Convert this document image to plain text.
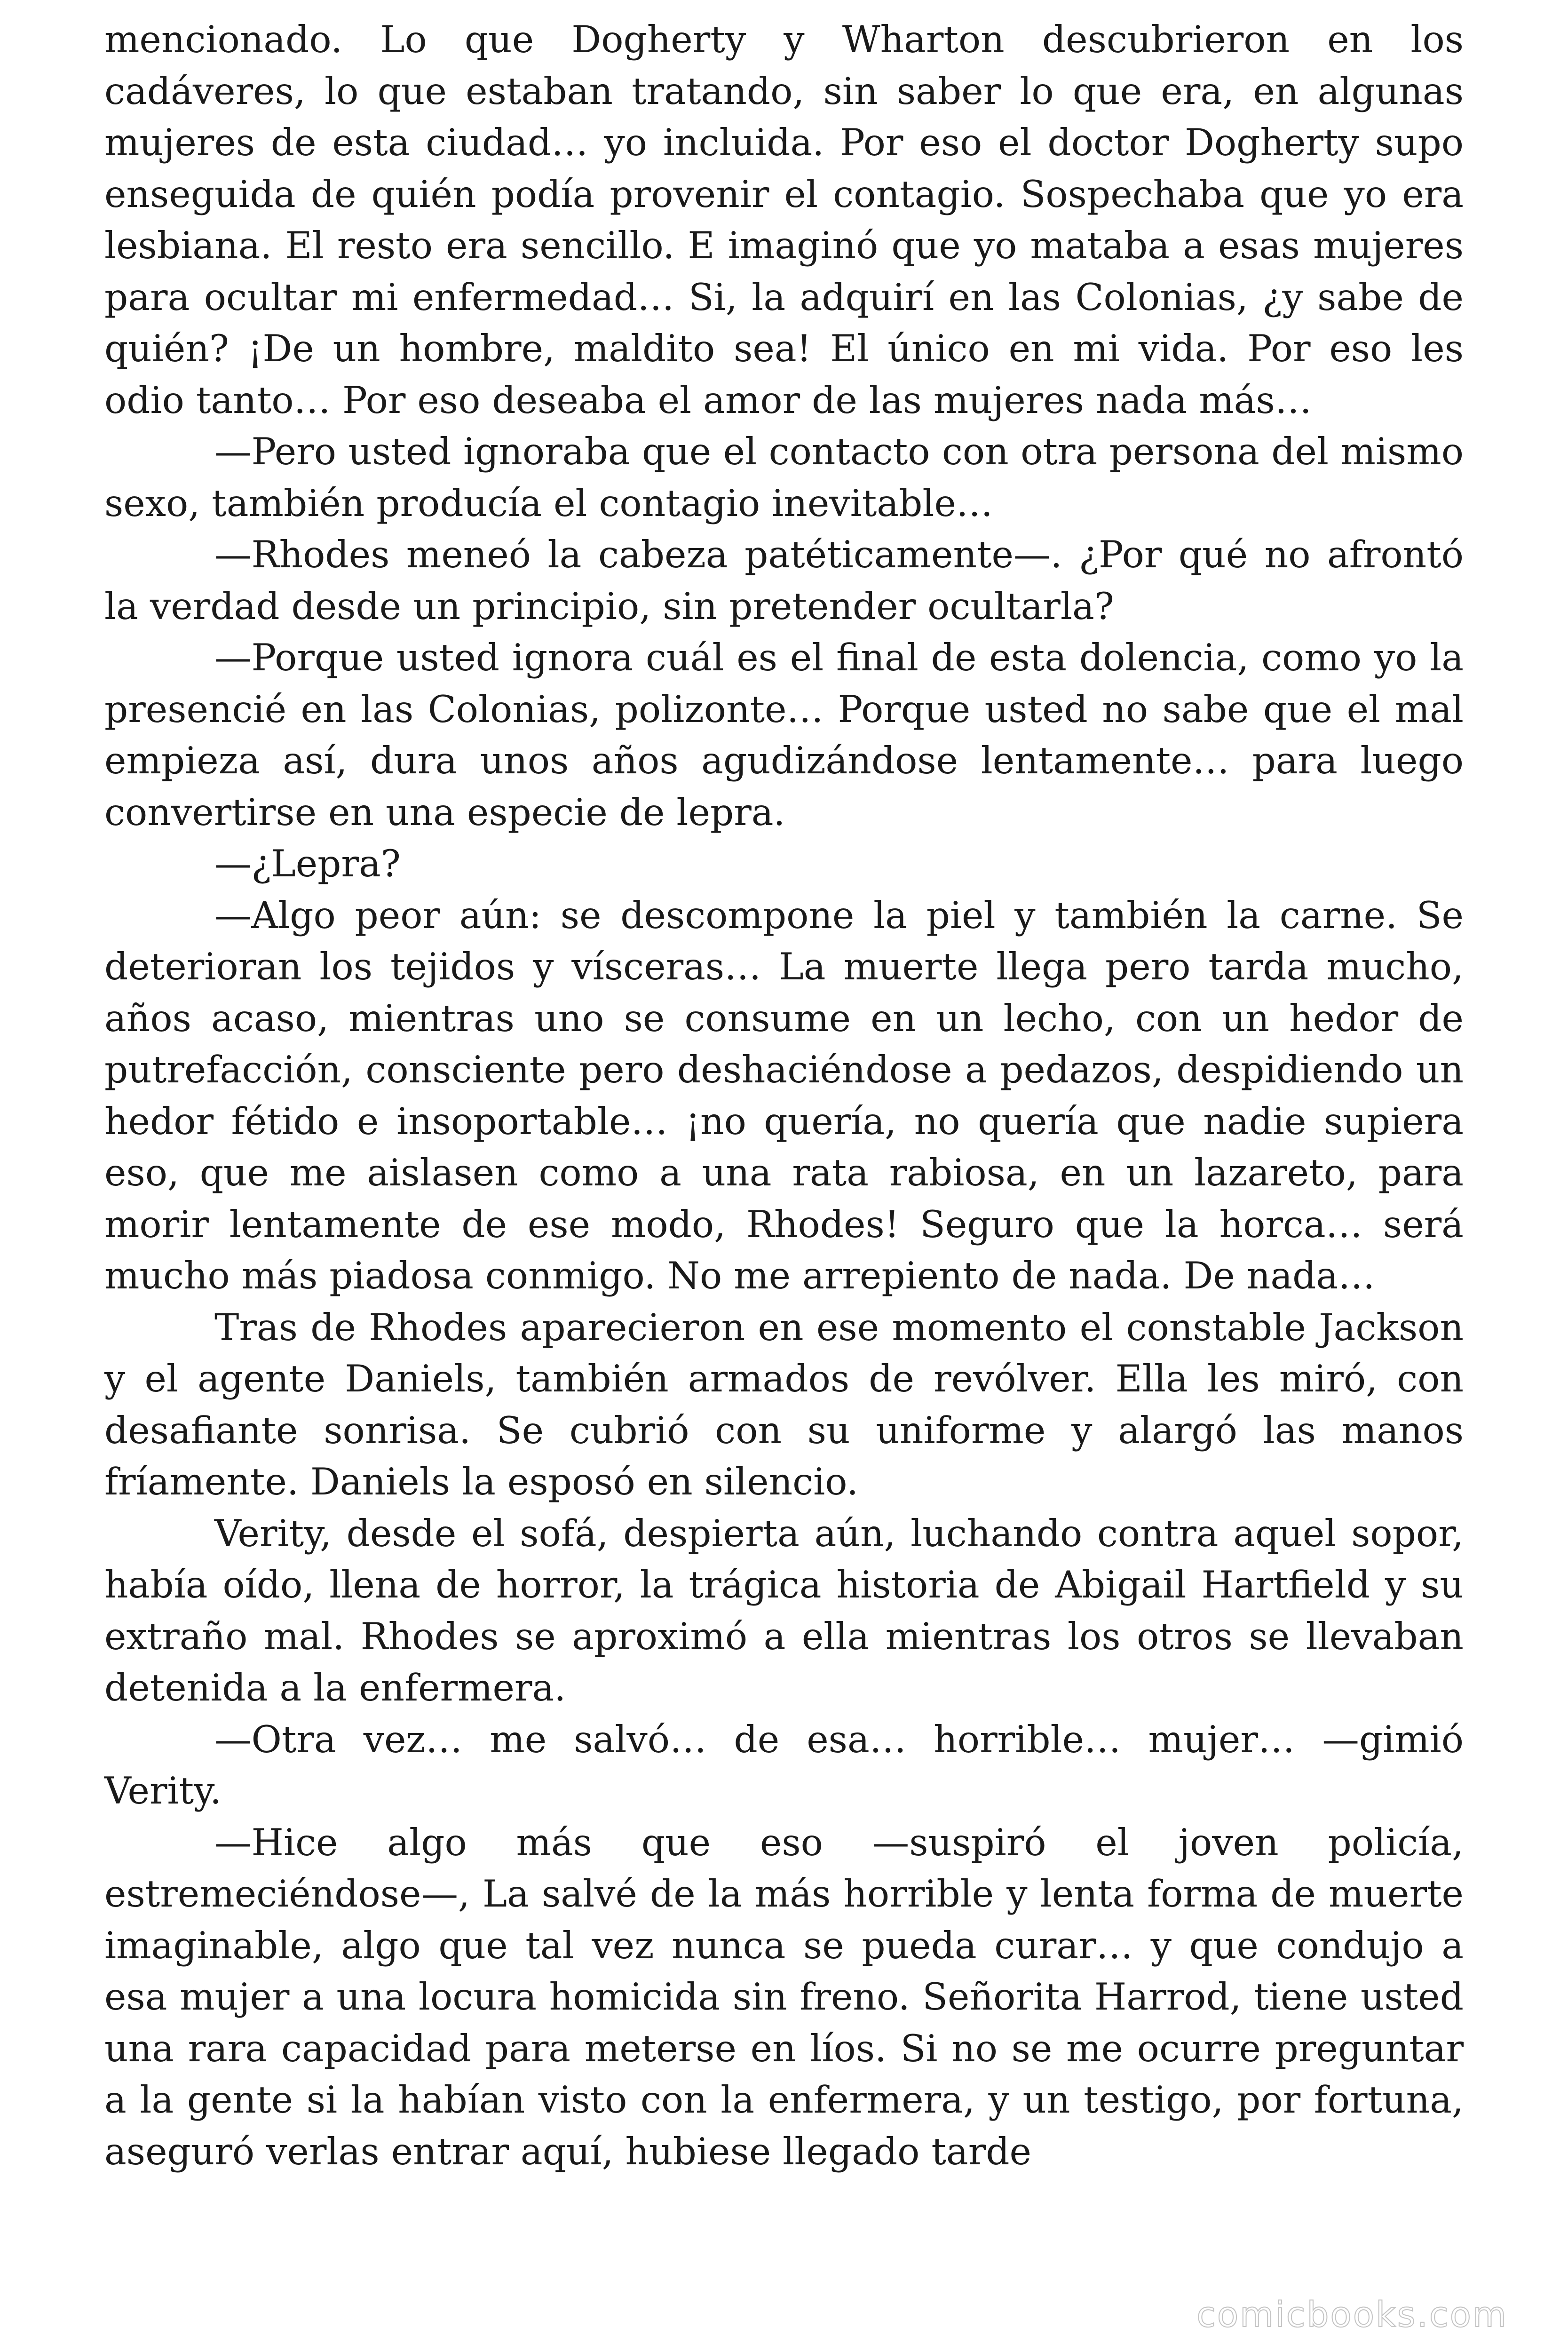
mencionado. Lo que Dogherty y Wharton descubrieron en los cadáveres, lo que estaban tratando, sin saber lo que era, en algunas mujeres de esta ciudad… yo incluida. Por eso el doctor Dogherty supo enseguida de quién podía provenir el contagio. Sospechaba que yo era lesbiana. El resto era sencillo. E imaginó que yo mataba a esas mujeres para ocultar mi enfermedad… Si, la adquirí en las Colonias, ¿y sabe de quién? ¡De un hombre, maldito sea! El único en mi vida. Por eso les odio tanto… Por eso deseaba el amor de las mujeres nada más…

—Pero usted ignoraba que el contacto con otra persona del mismo sexo, también producía el contagio inevitable…

—Rhodes meneó la cabeza patéticamente—. ¿Por qué no afrontó la verdad desde un principio, sin pretender ocultarla?

—Porque usted ignora cuál es el final de esta dolencia, como yo la presencié en las Colonias, polizonte… Porque usted no sabe que el mal empieza así, dura unos años agudizándose lentamente… para luego convertirse en una especie de lepra.

—¿Lepra?

—Algo peor aún: se descompone la piel y también la carne. Se deterioran los tejidos y vísceras… La muerte llega pero tarda mucho, años acaso, mientras uno se consume en un lecho, con un hedor de putrefacción, consciente pero deshaciéndose a pedazos, despidiendo un hedor fétido e insoportable… ¡no quería, no quería que nadie supiera eso, que me aislasen como a una rata rabiosa, en un lazareto, para morir lentamente de ese modo, Rhodes! Seguro que la horca… será mucho más piadosa conmigo. No me arrepiento de nada. De nada…

Tras de Rhodes aparecieron en ese momento el constable Jackson y el agente Daniels, también armados de revólver. Ella les miró, con desafiante sonrisa. Se cubrió con su uniforme y alargó las manos fríamente. Daniels la esposó en silencio.

Verity, desde el sofá, despierta aún, luchando contra aquel sopor, había oído, llena de horror, la trágica historia de Abigail Hartfield y su extraño mal. Rhodes se aproximó a ella mientras los otros se llevaban detenida a la enfermera.

—Otra vez… me salvó… de esa… horrible… mujer… —gimió Verity.

—Hice algo más que eso —suspiró el joven policía, estremeciéndose—, La salvé de la más horrible y lenta forma de muerte imaginable, algo que tal vez nunca se pueda curar… y que condujo a esa mujer a una locura homicida sin freno. Señorita Harrod, tiene usted una rara capacidad para meterse en líos. Si no se me ocurre preguntar a la gente si la habían visto con la enfermera, y un testigo, por fortuna, aseguró verlas entrar aquí, hubiese llegado tarde

comicbooks.com
